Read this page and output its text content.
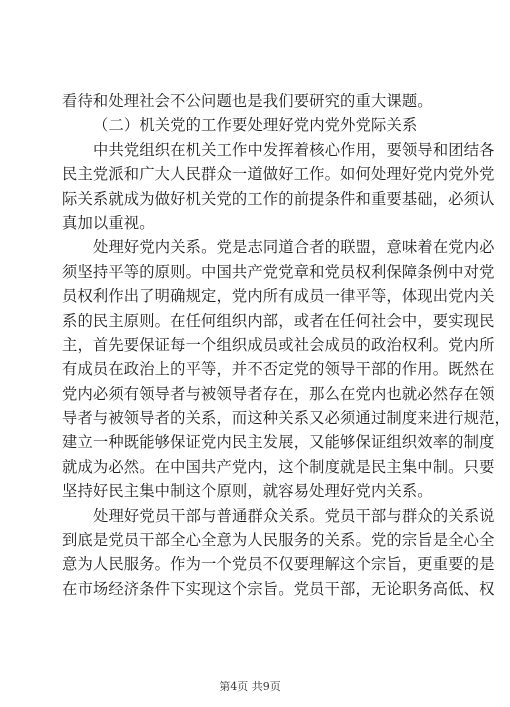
看待和处理社会不公问题也是我们要研究的重大课题。
（二）机关党的工作要处理好党内党外党际关系
中共党组织在机关工作中发挥着核心作用，要领导和团结各
民主党派和广大人民群众一道做好工作。如何处理好党内党外党
际关系就成为做好机关党的工作的前提条件和重要基础，必须认
真加以重视。
处理好党内关系。党是志同道合者的联盟，意味着在党内必
须坚持平等的原则。中国共产党党章和党员权利保障条例中对党
员权利作出了明确规定，党内所有成员一律平等，体现出党内关
系的民主原则。在任何组织内部，或者在任何社会中，要实现民
主，首先要保证每一个组织成员或社会成员的政治权利。党内所
有成员在政治上的平等，并不否定党的领导干部的作用。既然在
党内必须有领导者与被领导者存在，那么在党内也就必然存在领
导者与被领导者的关系，而这种关系又必须通过制度来进行规范，
建立一种既能够保证党内民主发展，又能够保证组织效率的制度
就成为必然。在中国共产党内，这个制度就是民主集中制。只要
坚持好民主集中制这个原则，就容易处理好党内关系。
处理好党员干部与普通群众关系。党员干部与群众的关系说
到底是党员干部全心全意为人民服务的关系。党的宗旨是全心全
意为人民服务。作为一个党员不仅要理解这个宗旨，更重要的是
在市场经济条件下实现这个宗旨。党员干部，无论职务高低、权
第4页 共9页
